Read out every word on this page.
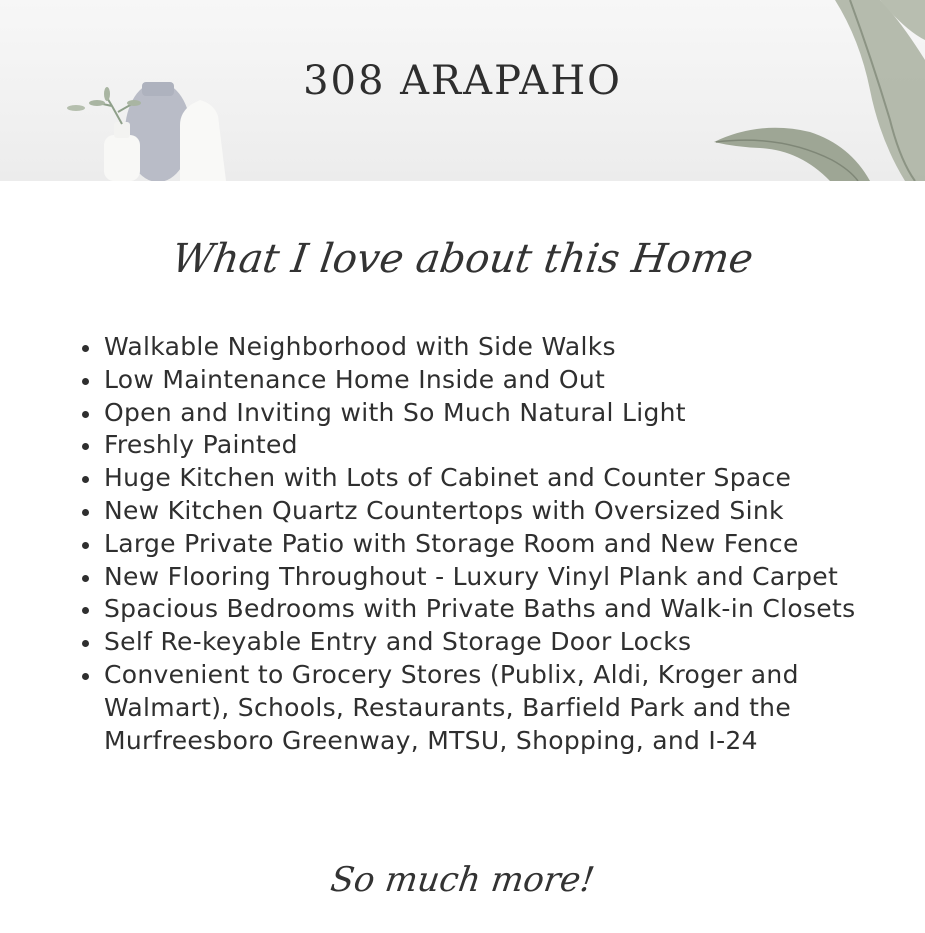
308 ARAPAHO
What I love about this Home
Walkable Neighborhood with Side Walks
Low Maintenance Home Inside and Out
Open and Inviting with So Much Natural Light
Freshly Painted
Huge Kitchen with Lots of Cabinet and Counter Space
New Kitchen Quartz Countertops with Oversized Sink
Large Private Patio with Storage Room and New Fence
New Flooring Throughout - Luxury Vinyl Plank and Carpet
Spacious Bedrooms with Private Baths and Walk-in Closets
Self Re-keyable Entry and Storage Door Locks
Convenient to Grocery Stores (Publix, Aldi, Kroger and Walmart), Schools, Restaurants, Barfield Park and the Murfreesboro Greenway, MTSU, Shopping, and I-24

So much more!
